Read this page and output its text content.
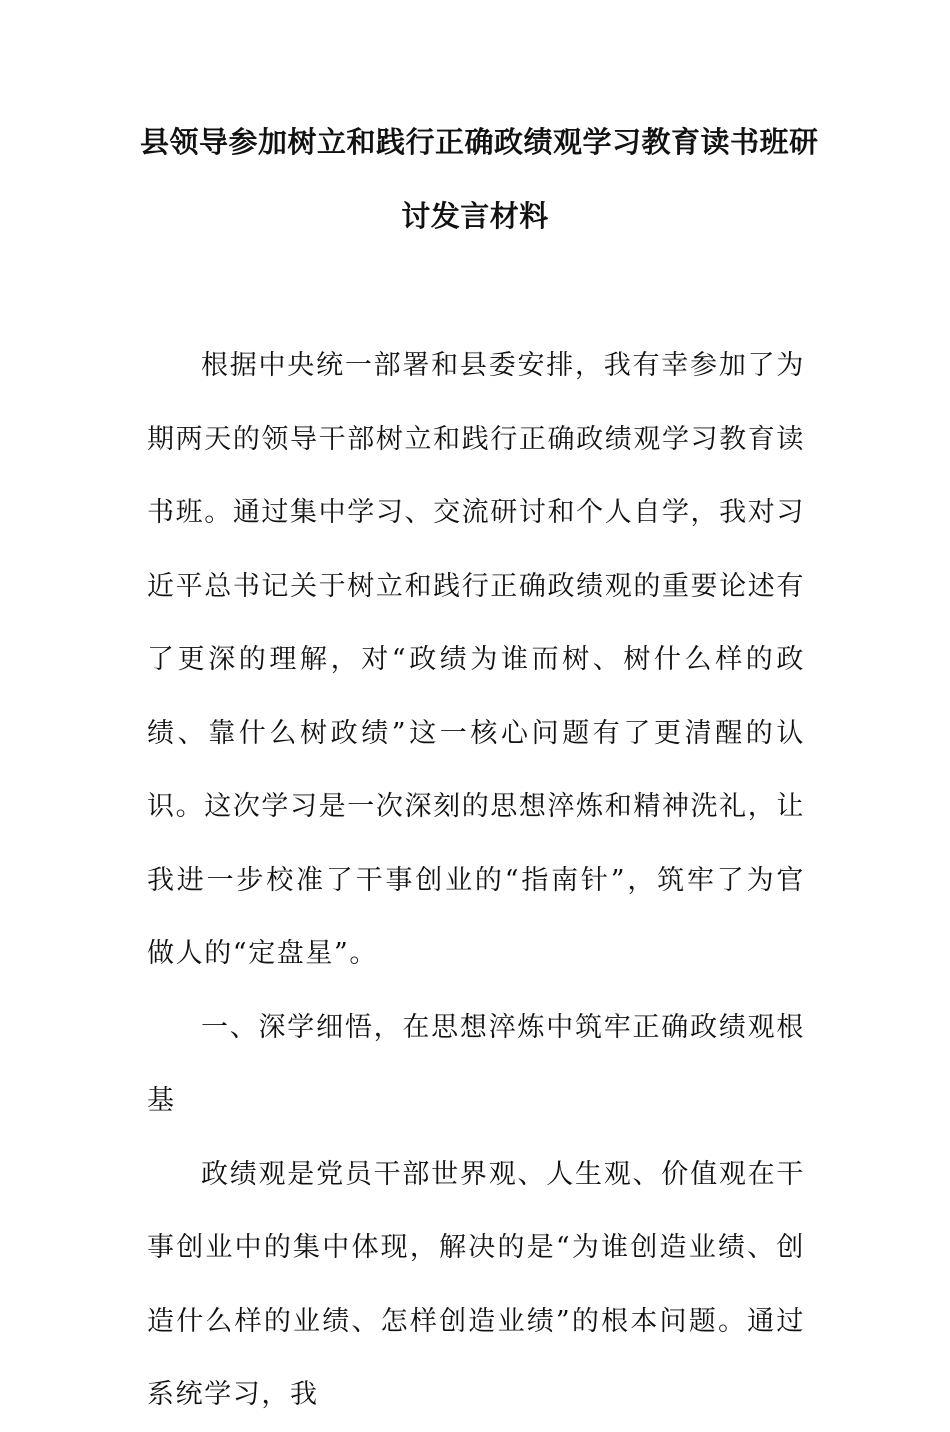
县领导参加树立和践行正确政绩观学习教育读书班研
讨发言材料

根据中央统一部署和县委安排，我有幸参加了为期两天的领导干部树立和践行正确政绩观学习教育读书班。通过集中学习、交流研讨和个人自学，我对习近平总书记关于树立和践行正确政绩观的重要论述有了更深的理解，对“政绩为谁而树、树什么样的政绩、靠什么树政绩”这一核心问题有了更清醒的认识。这次学习是一次深刻的思想淬炼和精神洗礼，让我进一步校准了干事创业的“指南针”，筑牢了为官做人的“定盘星”。

一、深学细悟，在思想淬炼中筑牢正确政绩观根基

政绩观是党员干部世界观、人生观、价值观在干事创业中的集中体现，解决的是“为谁创造业绩、创造什么样的业绩、怎样创造业绩”的根本问题。通过系统学习，我
